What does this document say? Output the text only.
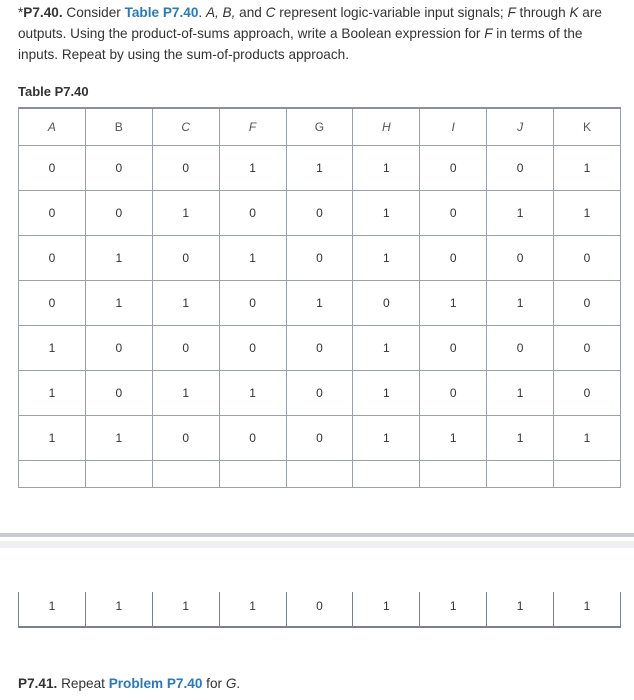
*P7.40. Consider Table P7.40. A, B, and C represent logic-variable input signals; F through K are outputs. Using the product-of-sums approach, write a Boolean expression for F in terms of the inputs. Repeat by using the sum-of-products approach.
Table P7.40
A	B	C	F	G	H	I	J	K
0	0	0	1	1	1	0	0	1
0	0	1	0	0	1	0	1	1
0	1	0	1	0	1	0	0	0
0	1	1	0	1	0	1	1	0
1	0	0	0	0	1	0	0	0
1	0	1	1	0	1	0	1	0
1	1	0	0	0	1	1	1	1

1	1	1	1	0	1	1	1	1
P7.41. Repeat Problem P7.40 for G.
